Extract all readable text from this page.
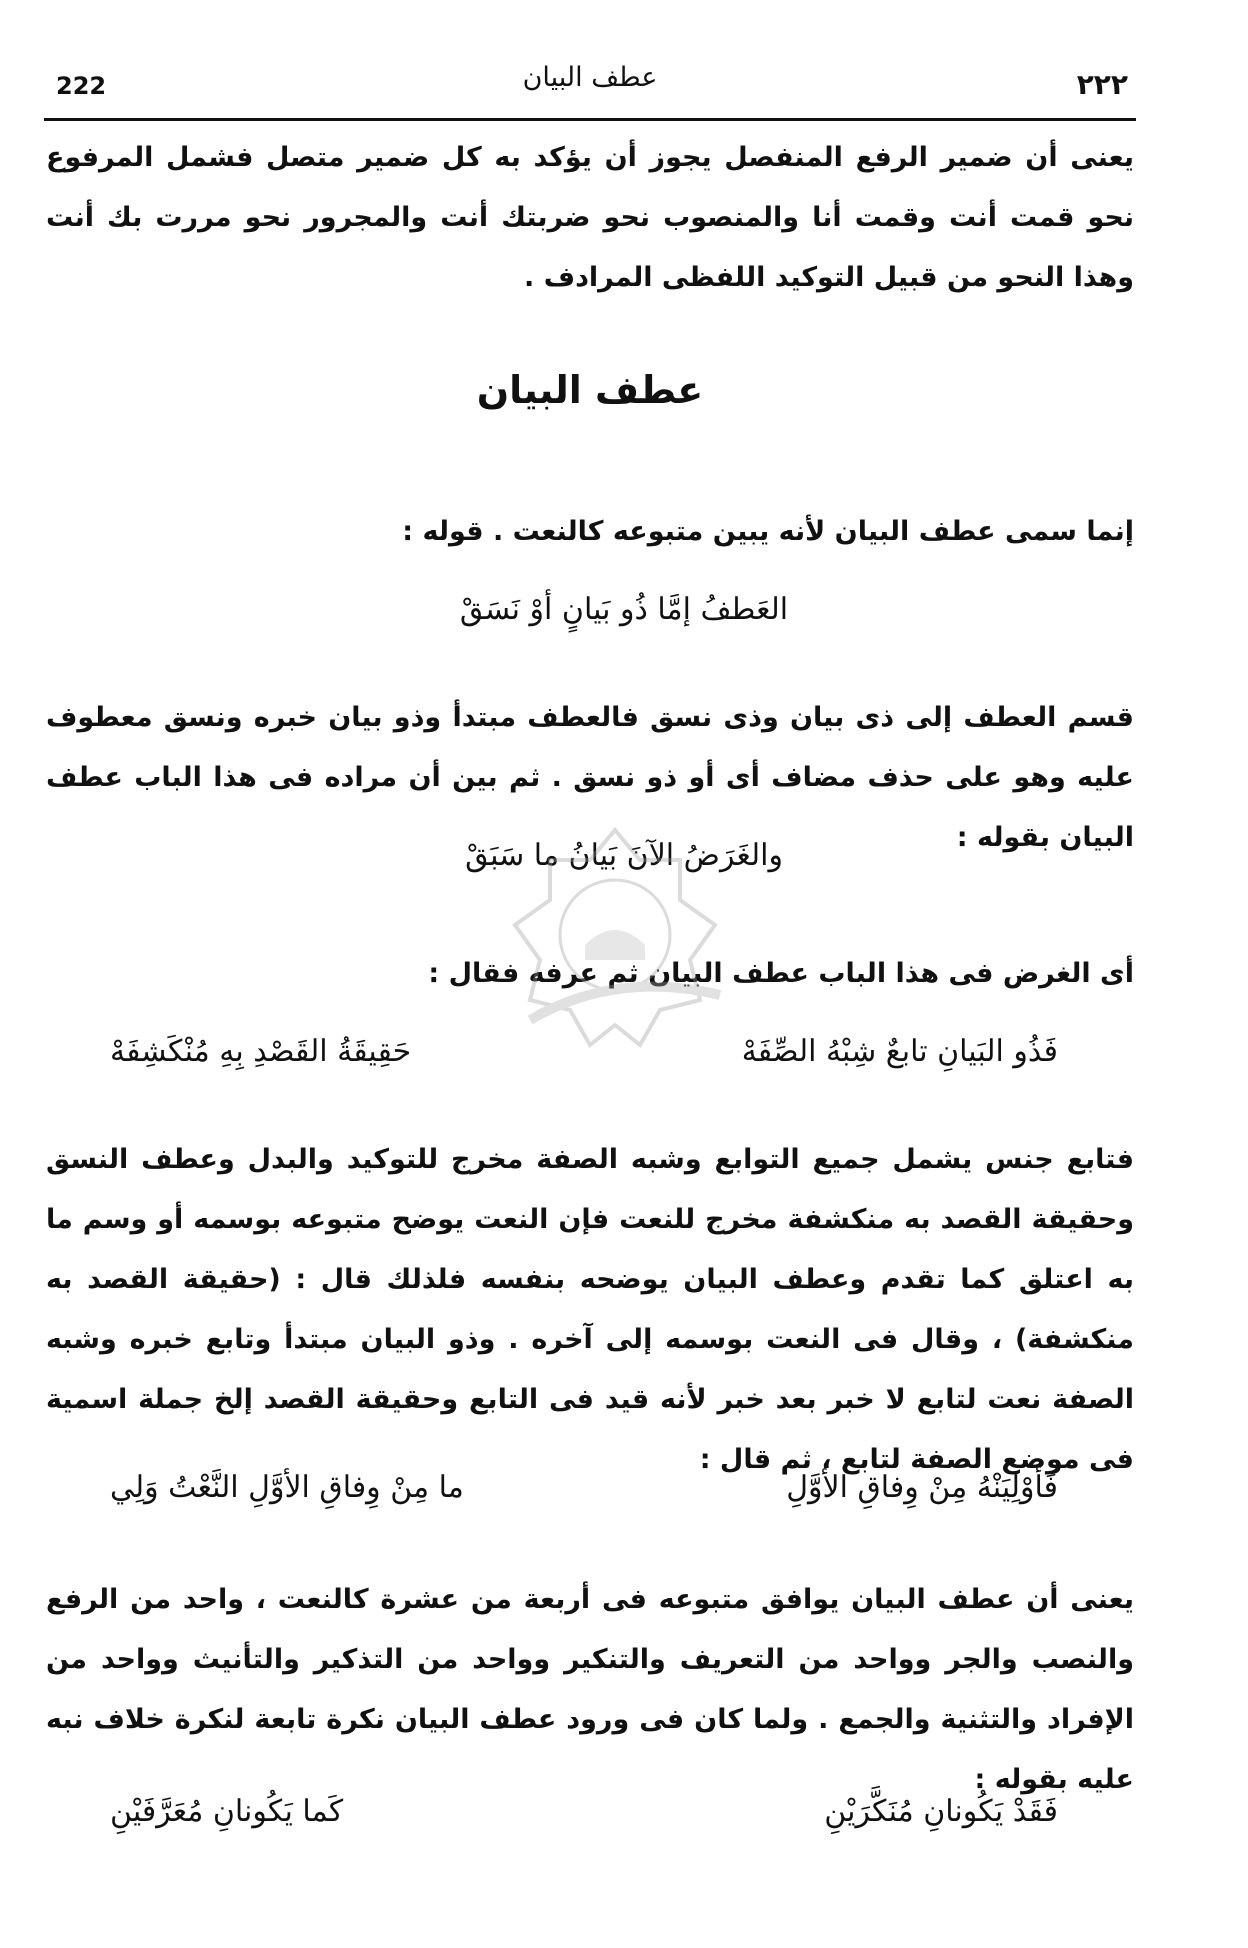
222	عطف البيان	٢٢٢

يعنى أن ضمير الرفع المنفصل يجوز أن يؤكد به كل ضمير متصل فشمل المرفوع نحو قمت أنت وقمت أنا والمنصوب نحو ضربتك أنت والمجرور نحو مررت بك أنت وهذا النحو من قبيل التوكيد اللفظى المرادف .

عطف البيان

إنما سمى عطف البيان لأنه يبين متبوعه كالنعت . قوله :

العَطفُ إمَّا ذُو بَيانٍ أوْ نَسَقْ

قسم العطف إلى ذى بيان وذى نسق فالعطف مبتدأ وذو بيان خبره ونسق معطوف عليه وهو على حذف مضاف أى أو ذو نسق . ثم بين أن مراده فى هذا الباب عطف البيان بقوله :

والغَرَضُ الآنَ بَيانُ ما سَبَقْ

أى الغرض فى هذا الباب عطف البيان ثم عرفه فقال :

فَذُو البَيانِ تابعٌ شِبْهُ الصِّفَهْ
حَقِيقَةُ القَصْدِ بِهِ مُنْكَشِفَهْ

فتابع جنس يشمل جميع التوابع وشبه الصفة مخرج للتوكيد والبدل وعطف النسق وحقيقة القصد به منكشفة مخرج للنعت فإن النعت يوضح متبوعه بوسمه أو وسم ما به اعتلق كما تقدم وعطف البيان يوضحه بنفسه فلذلك قال : (حقيقة القصد به منكشفة) ، وقال فى النعت بوسمه إلى آخره . وذو البيان مبتدأ وتابع خبره وشبه الصفة نعت لتابع لا خبر بعد خبر لأنه قيد فى التابع وحقيقة القصد إلخ جملة اسمية فى موضع الصفة لتابع ، ثم قال :

فَأوْلِيَنْهُ مِنْ وِفاقِ الأوَّلِ
ما مِنْ وِفاقِ الأوَّلِ النَّعْتُ وَلِي

يعنى أن عطف البيان يوافق متبوعه فى أربعة من عشرة كالنعت ، واحد من الرفع والنصب والجر وواحد من التعريف والتنكير وواحد من التذكير والتأنيث وواحد من الإفراد والتثنية والجمع . ولما كان فى ورود عطف البيان نكرة تابعة لنكرة خلاف نبه عليه بقوله :

فَقَدْ يَكُونانِ مُنَكَّرَيْنِ
كَما يَكُونانِ مُعَرَّفَيْنِ
